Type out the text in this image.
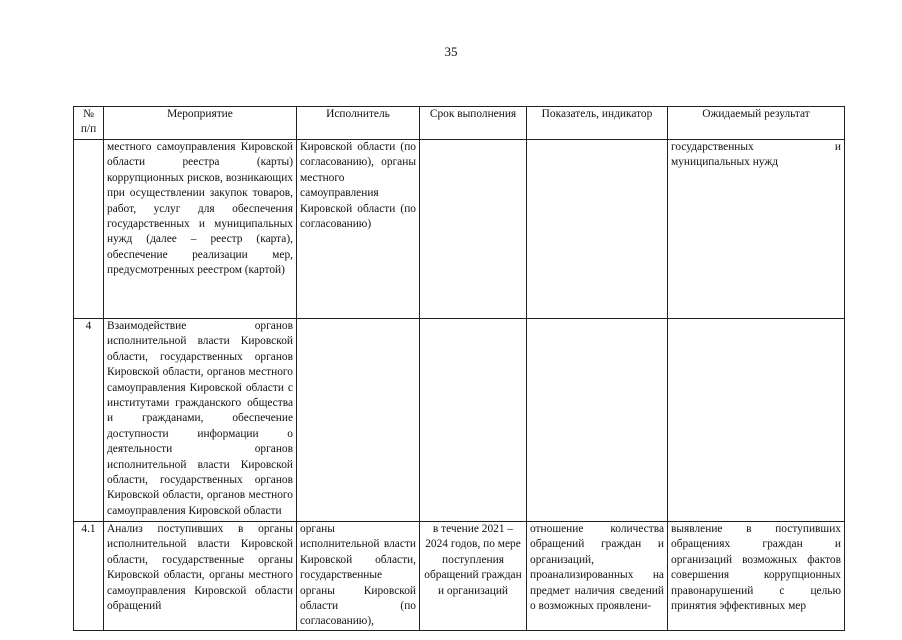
35
№
п/п	Мероприятие	Исполнитель	Срок выполнения	Показатель, индикатор	Ожидаемый результат
	местного самоуправления Кировской области реестра (карты) коррупционных рисков, возникающих при осуществлении закупок товаров, работ, услуг для обеспечения государственных и муниципальных нужд (далее – реестр (карта), обеспечение реализации мер, предусмотренных реестром (картой)	Кировской области (по согласованию), органы местного самоуправления Кировской области (по согласованию)			государственных и муниципальных нужд
4	Взаимодействие органов исполнительной власти Кировской области, государственных органов Кировской области, органов местного самоуправления Кировской области с институтами гражданского общества и гражданами, обеспечение доступности информации о деятельности органов исполнительной власти Кировской области, государственных органов Кировской области, органов местного самоуправления Кировской области				
4.1	Анализ поступивших в органы исполнительной власти Кировской области, государственные органы Кировской области, органы местного самоуправления Кировской области обращений	органы исполнительной власти Кировской области, государственные органы Кировской области (по согласованию),	в течение 2021 – 2024 годов, по мере поступления обращений граждан и организаций	отношение количества обращений граждан и организаций, проанализированных на предмет наличия сведений о возможных проявлени-	выявление в поступивших обращениях граждан и организаций возможных фактов совершения коррупционных правонарушений с целью принятия эффективных мер
